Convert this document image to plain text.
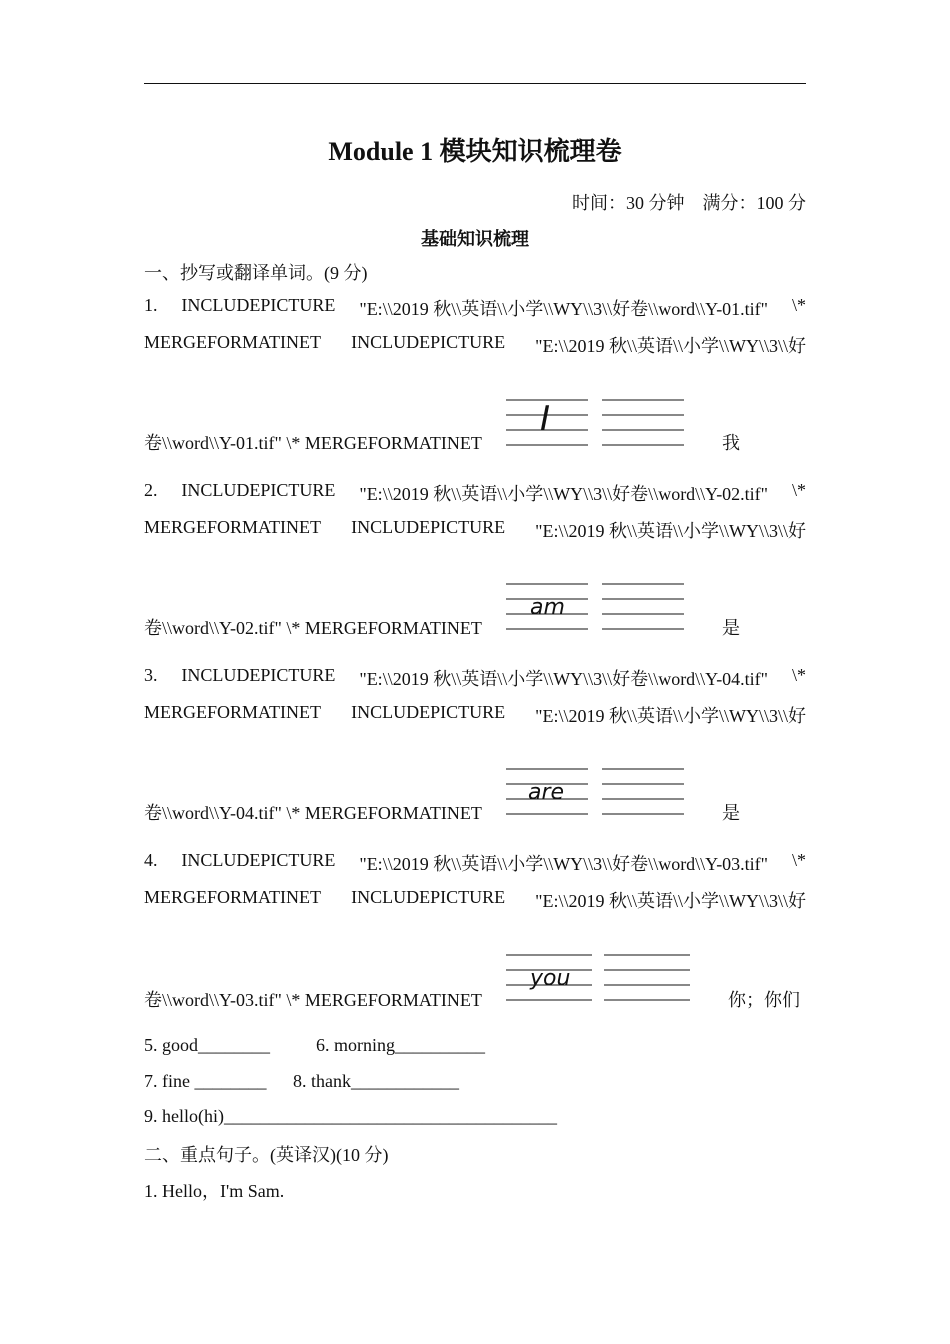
Module 1 模块知识梳理卷
时间：30 分钟　满分：100 分
基础知识梳理
一、抄写或翻译单词。(9 分)
1. INCLUDEPICTURE "E:\\2019 秋\\英语\\小学\\WY\\3\\好卷\\word\\Y-01.tif" \*
MERGEFORMATINET INCLUDEPICTURE "E:\\2019 秋\\英语\\小学\\WY\\3\\好
卷\\word\\Y-01.tif" \* MERGEFORMATINET
I
我
2. INCLUDEPICTURE "E:\\2019 秋\\英语\\小学\\WY\\3\\好卷\\word\\Y-02.tif" \*
MERGEFORMATINET INCLUDEPICTURE "E:\\2019 秋\\英语\\小学\\WY\\3\\好
卷\\word\\Y-02.tif" \* MERGEFORMATINET
am
是
3. INCLUDEPICTURE "E:\\2019 秋\\英语\\小学\\WY\\3\\好卷\\word\\Y-04.tif" \*
MERGEFORMATINET INCLUDEPICTURE "E:\\2019 秋\\英语\\小学\\WY\\3\\好
卷\\word\\Y-04.tif" \* MERGEFORMATINET
are
是
4. INCLUDEPICTURE "E:\\2019 秋\\英语\\小学\\WY\\3\\好卷\\word\\Y-03.tif" \*
MERGEFORMATINET INCLUDEPICTURE "E:\\2019 秋\\英语\\小学\\WY\\3\\好
卷\\word\\Y-03.tif" \* MERGEFORMATINET
you
你；你们
5. good________	6. morning__________
7. fine ________ 8. thank____________
9. hello(hi)_____________________________________
二、重点句子。(英译汉)(10 分)
1. Hello，I'm Sam.
